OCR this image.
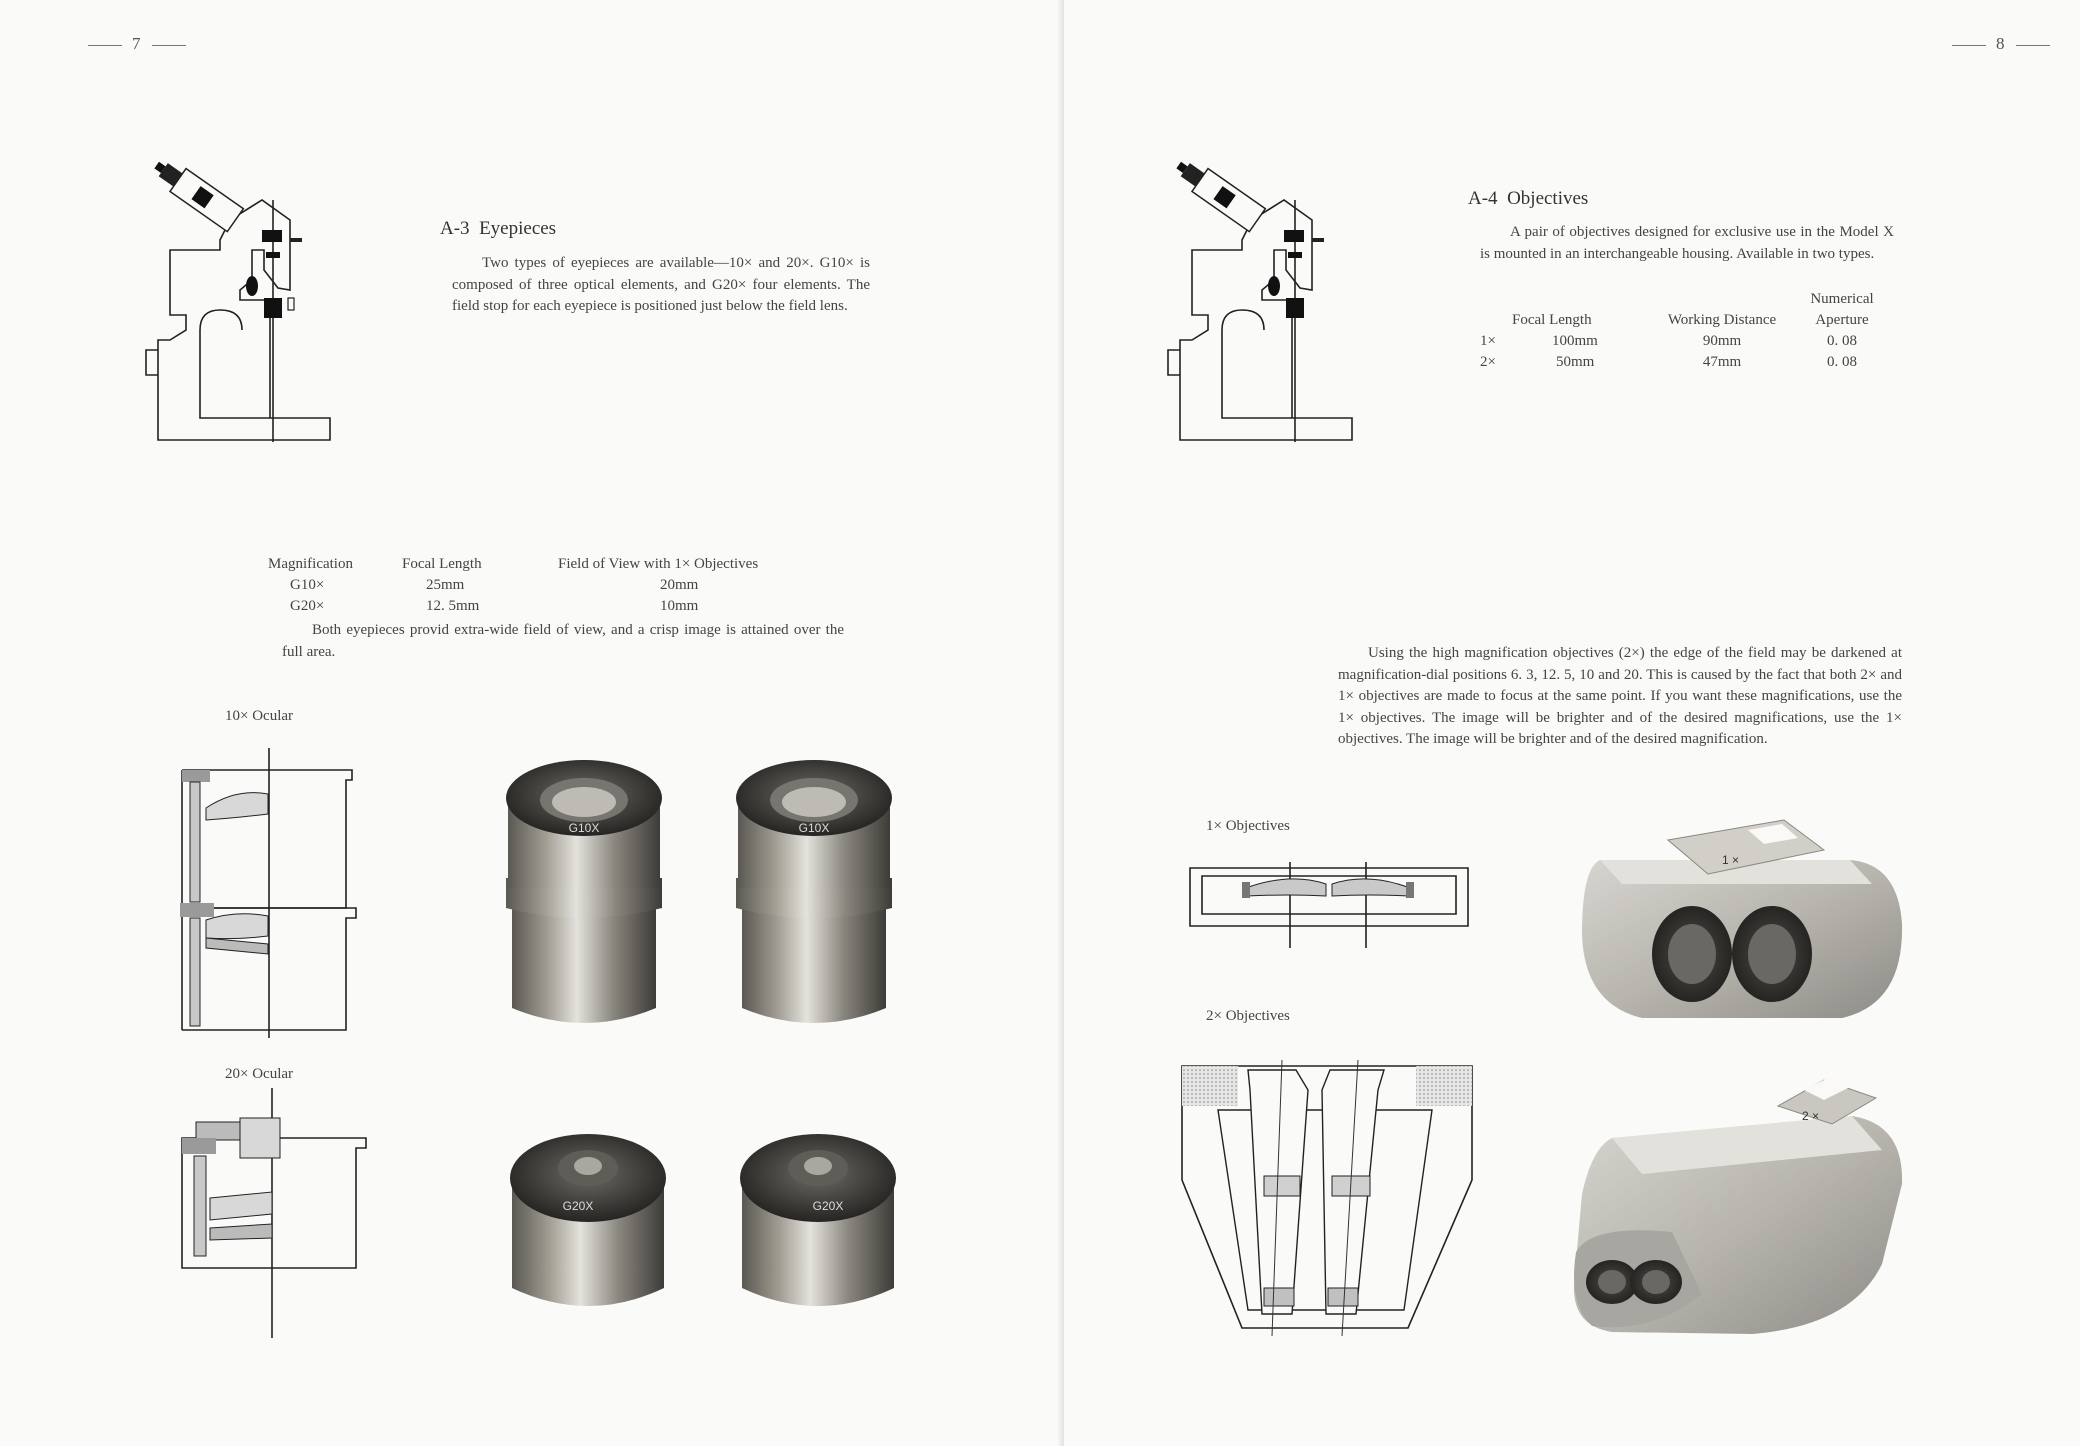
7
A-3 Eyepieces

Two types of eyepieces are available—10× and 20×. G10× is composed of three optical elements, and G20× four elements. The field stop for each eyepiece is positioned just below the field lens.

Magnification	Focal Length	Field of View with 1× Objectives
G10×	25mm	20mm
G20×	12. 5mm	10mm

Both eyepieces provid extra-wide field of view, and a crisp image is attained over the full area.

10× Ocular
20× Ocular
G10X	G10X
G20X	G20X
8
A-4 Objectives

A pair of objectives designed for exclusive use in the Model X is mounted in an interchangeable housing. Available in two types.

	Focal Length	Working Distance	Numerical
			Aperture
1×	100mm	90mm	0. 08
2×	50mm	47mm	0. 08

Using the high magnification objectives (2×) the edge of the field may be darkened at magnification-dial positions 6. 3, 12. 5, 10 and 20. This is caused by the fact that both 2× and 1× objectives are made to focus at the same point. If you want these magnifications, use the 1× objectives. The image will be brighter and of the desired magnifications, use the 1× objectives. The image will be brighter and of the desired magnification.

1× Objectives
2× Objectives
1 ×
2 ×
